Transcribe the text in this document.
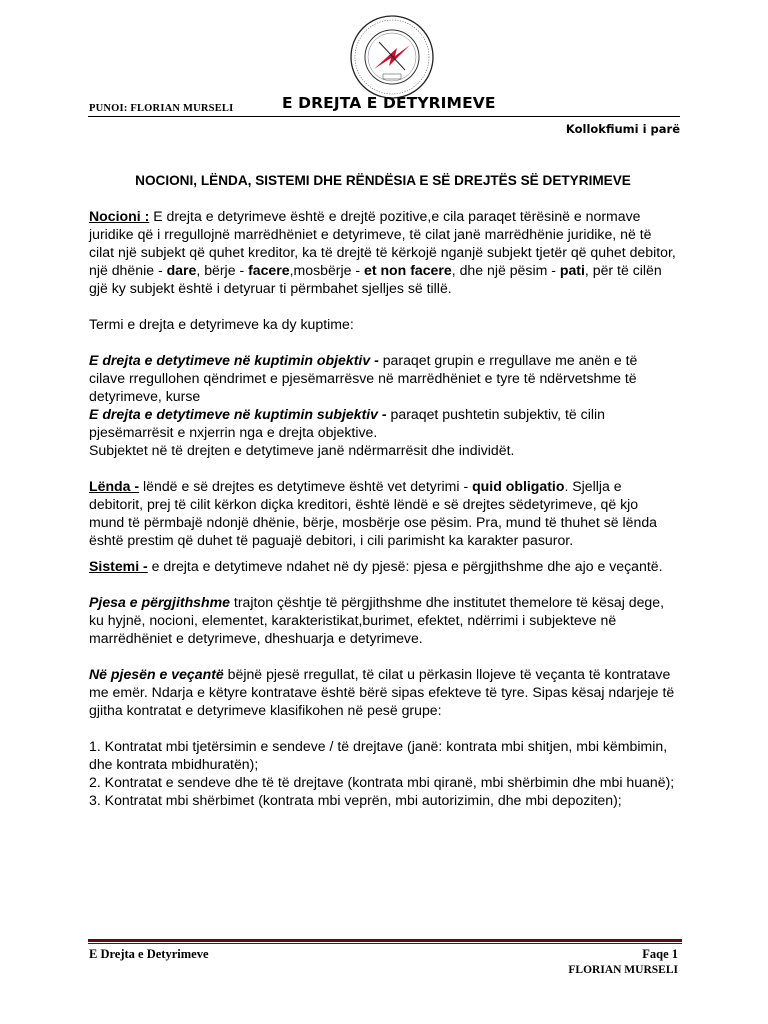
PUNOI: FLORIAN MURSELI	E DREJTA E DETYRIMEVE
Kollokfiumi i parë

NOCIONI, LËNDA, SISTEMI DHE RËNDËSIA E SË DREJTËS SË DETYRIMEVE

Nocioni : E drejta e detyrimeve është e drejtë pozitive,e cila paraqet tërësinë e normave juridike që i rregullojnë marrëdhëniet e detyrimeve, të cilat janë marrëdhënie juridike, në të cilat një subjekt që quhet kreditor, ka të drejtë të kërkojë nganjë subjekt tjetër që quhet debitor, një dhënie - dare, bërje - facere,mosbërje - et non facere, dhe një pësim - pati, për të cilën gjë ky subjekt është i detyruar ti përmbahet sjelljes së tillë.

Termi e drejta e detyrimeve ka dy kuptime:

E drejta e detytimeve në kuptimin objektiv - paraqet grupin e rregullave me anën e të cilave rregullohen qëndrimet e pjesëmarrësve në marrëdhëniet e tyre të ndërvetshme të detyrimeve, kurse

E drejta e detytimeve në kuptimin subjektiv - paraqet pushtetin subjektiv, të cilin pjesëmarrësit e nxjerrin nga e drejta objektive.

Subjektet në të drejten e detytimeve janë ndërmarrësit dhe individët.

Lënda - lëndë e së drejtes es detytimeve është vet detyrimi - quid obligatio. Sjellja e debitorit, prej të cilit kërkon diçka kreditori, është lëndë e së drejtes sëdetyrimeve, që kjo mund të përmbajë ndonjë dhënie, bërje, mosbërje ose pësim. Pra, mund të thuhet së lënda është prestim që duhet të paguajë debitori, i cili parimisht ka karakter pasuror.

Sistemi - e drejta e detytimeve ndahet në dy pjesë: pjesa e përgjithshme dhe ajo e veçantë.

Pjesa e përgjithshme trajton çështje të përgjithshme dhe institutet themelore të kësaj dege, ku hyjnë, nocioni, elementet, karakteristikat,burimet, efektet, ndërrimi i subjekteve në marrëdhëniet e detyrimeve, dheshuarja e detyrimeve.

Në pjesën e veçantë bëjnë pjesë rregullat, të cilat u përkasin llojeve të veçanta të kontratave me emër. Ndarja e këtyre kontratave është bërë sipas efekteve të tyre. Sipas kësaj ndarjeje të gjitha kontratat e detyrimeve klasifikohen në pesë grupe:

1. Kontratat mbi tjetërsimin e sendeve / të drejtave (janë: kontrata mbi shitjen, mbi këmbimin, dhe kontrata mbidhuratën);

2. Kontratat e sendeve dhe të të drejtave (kontrata mbi qiranë, mbi shërbimin dhe mbi huanë);

3. Kontratat mbi shërbimet (kontrata mbi veprën, mbi autorizimin, dhe mbi depoziten);

E Drejta e Detyrimeve	Faqe 1
FLORIAN MURSELI
